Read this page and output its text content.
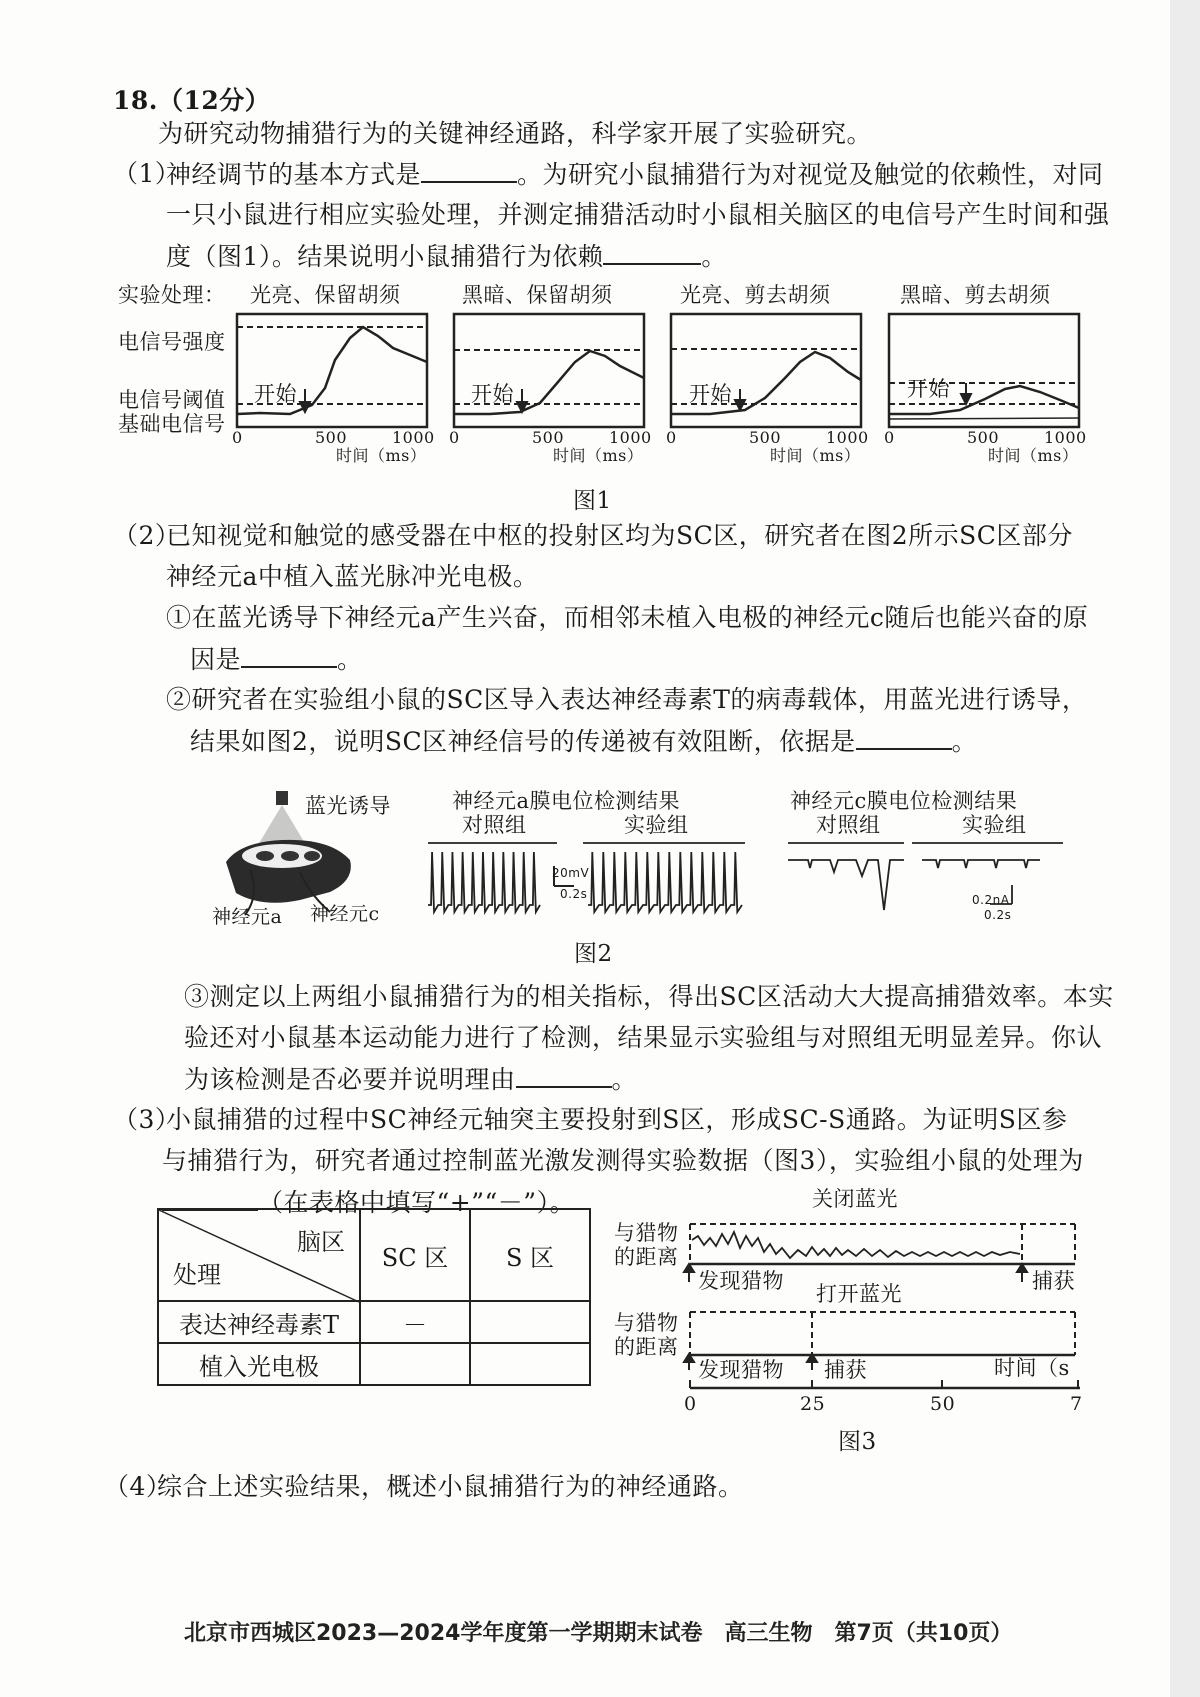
18.（12分）
为研究动物捕猎行为的关键神经通路，科学家开展了实验研究。
（1）
神经调节的基本方式是	。为研究小鼠捕猎行为对视觉及触觉的依赖性，对同
一只小鼠进行相应实验处理，并测定捕猎活动时小鼠相关脑区的电信号产生时间和强
度（图1）。结果说明小鼠捕猎行为依赖	。
实验处理： 光亮、保留胡须	黑暗、保留胡须	光亮、剪去胡须	黑暗、剪去胡须
电信号强度
电信号阈值
基础电信号
开始	开始	开始	开始
0	500	1000
时间（ms）
0	500	1000
时间（ms）
0	500	1000
时间（ms）
0	500	1000
时间（ms）
图1
（2）
已知视觉和触觉的感受器在中枢的投射区均为SC区，研究者在图2所示SC区部分
神经元a中植入蓝光脉冲光电极。
①在蓝光诱导下神经元a产生兴奋，而相邻未植入电极的神经元c随后也能兴奋的原
因是	。
②研究者在实验组小鼠的SC区导入表达神经毒素T的病毒载体，用蓝光进行诱导，
结果如图2，说明SC区神经信号的传递被有效阻断，依据是	。
蓝光诱导
神经元a 神经元c
神经元a膜电位检测结果
对照组	实验组
20mV
0.2s
神经元c膜电位检测结果
对照组	实验组
0.2nA
0.2s
图2
③测定以上两组小鼠捕猎行为的相关指标，得出SC区活动大大提高捕猎效率。本实
验还对小鼠基本运动能力进行了检测，结果显示实验组与对照组无明显差异。你认
为该检测是否必要并说明理由	。
（3）
小鼠捕猎的过程中SC神经元轴突主要投射到S区，形成SC-S通路。为证明S区参
与捕猎行为，研究者通过控制蓝光激发测得实验数据（图3），实验组小鼠的处理为
（在表格中填写“+”“－”）。
脑区
处理	SC 区	S 区
表达神经毒素T	－	
植入光电极		
关闭蓝光
与猎物
的距离
打开蓝光
与猎物
的距离
发现猎物	捕获
发现猎物 捕获	时间（s
0	25	50	7
图3
（4）
综合上述实验结果，概述小鼠捕猎行为的神经通路。
北京市西城区2023—2024学年度第一学期期末试卷　高三生物　第7页（共10页）
